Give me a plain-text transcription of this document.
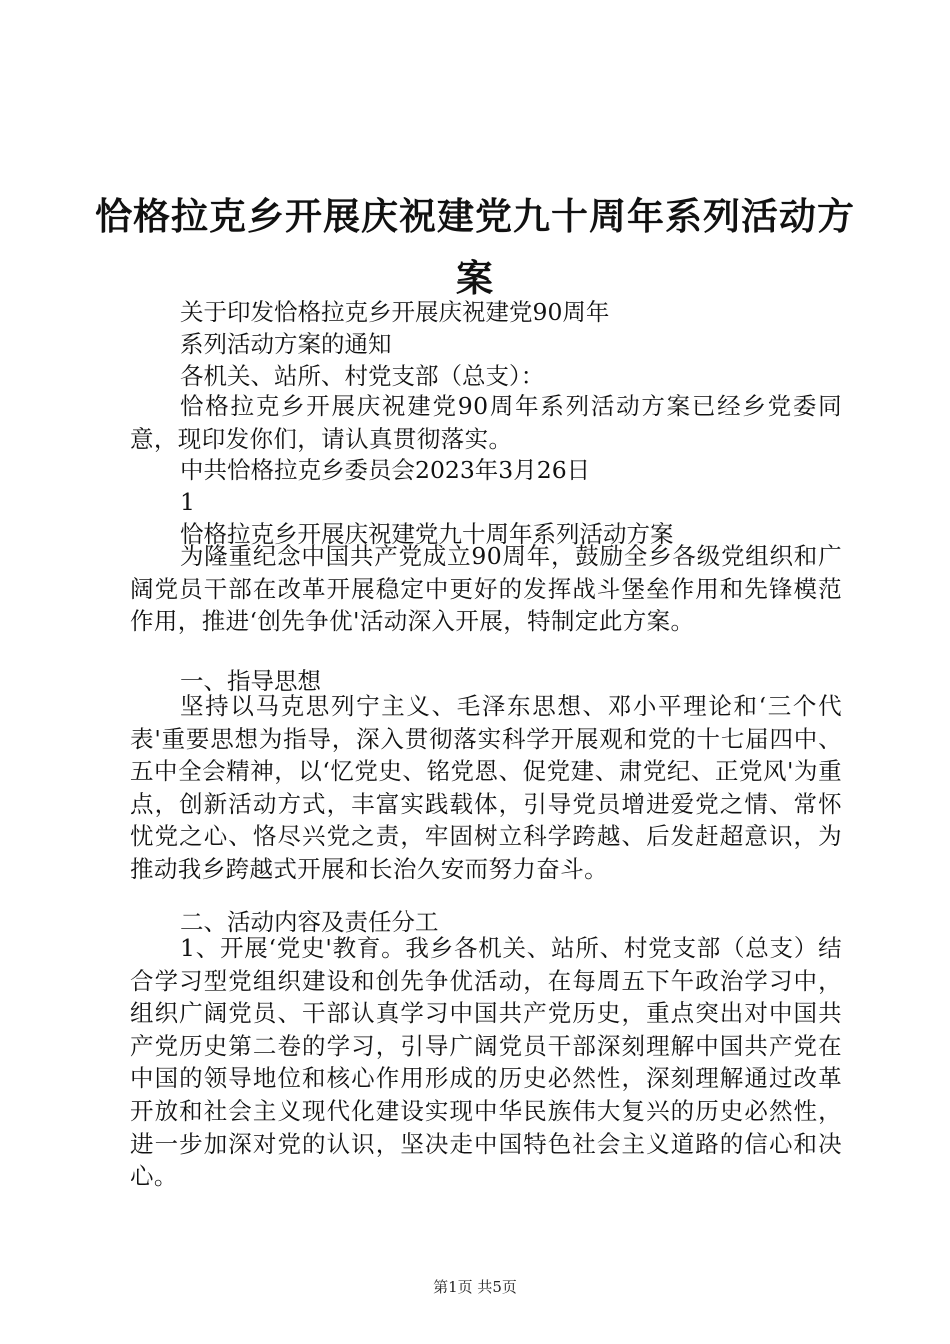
恰格拉克乡开展庆祝建党九十周年系列活动方
案
关于印发恰格拉克乡开展庆祝建党90周年
系列活动方案的通知
各机关、站所、村党支部（总支）：
恰格拉克乡开展庆祝建党90周年系列活动方案已经乡党委同意，现印发你们，请认真贯彻落实。
中共恰格拉克乡委员会2023年3月26日
1
恰格拉克乡开展庆祝建党九十周年系列活动方案
为隆重纪念中国共产党成立90周年，鼓励全乡各级党组织和广阔党员干部在改革开展稳定中更好的发挥战斗堡垒作用和先锋模范作用，推进‘创先争优'活动深入开展，特制定此方案。
一、指导思想
坚持以马克思列宁主义、毛泽东思想、邓小平理论和‘三个代表'重要思想为指导，深入贯彻落实科学开展观和党的十七届四中、五中全会精神，以‘忆党史、铭党恩、促党建、肃党纪、正党风'为重点，创新活动方式，丰富实践载体，引导党员增进爱党之情、常怀忧党之心、恪尽兴党之责，牢固树立科学跨越、后发赶超意识，为推动我乡跨越式开展和长治久安而努力奋斗。
二、活动内容及责任分工
1、开展‘党史'教育。我乡各机关、站所、村党支部（总支）结合学习型党组织建设和创先争优活动，在每周五下午政治学习中，组织广阔党员、干部认真学习中国共产党历史，重点突出对中国共产党历史第二卷的学习，引导广阔党员干部深刻理解中国共产党在中国的领导地位和核心作用形成的历史必然性，深刻理解通过改革开放和社会主义现代化建设实现中华民族伟大复兴的历史必然性，进一步加深对党的认识，坚决走中国特色社会主义道路的信心和决心。
第1页 共5页
